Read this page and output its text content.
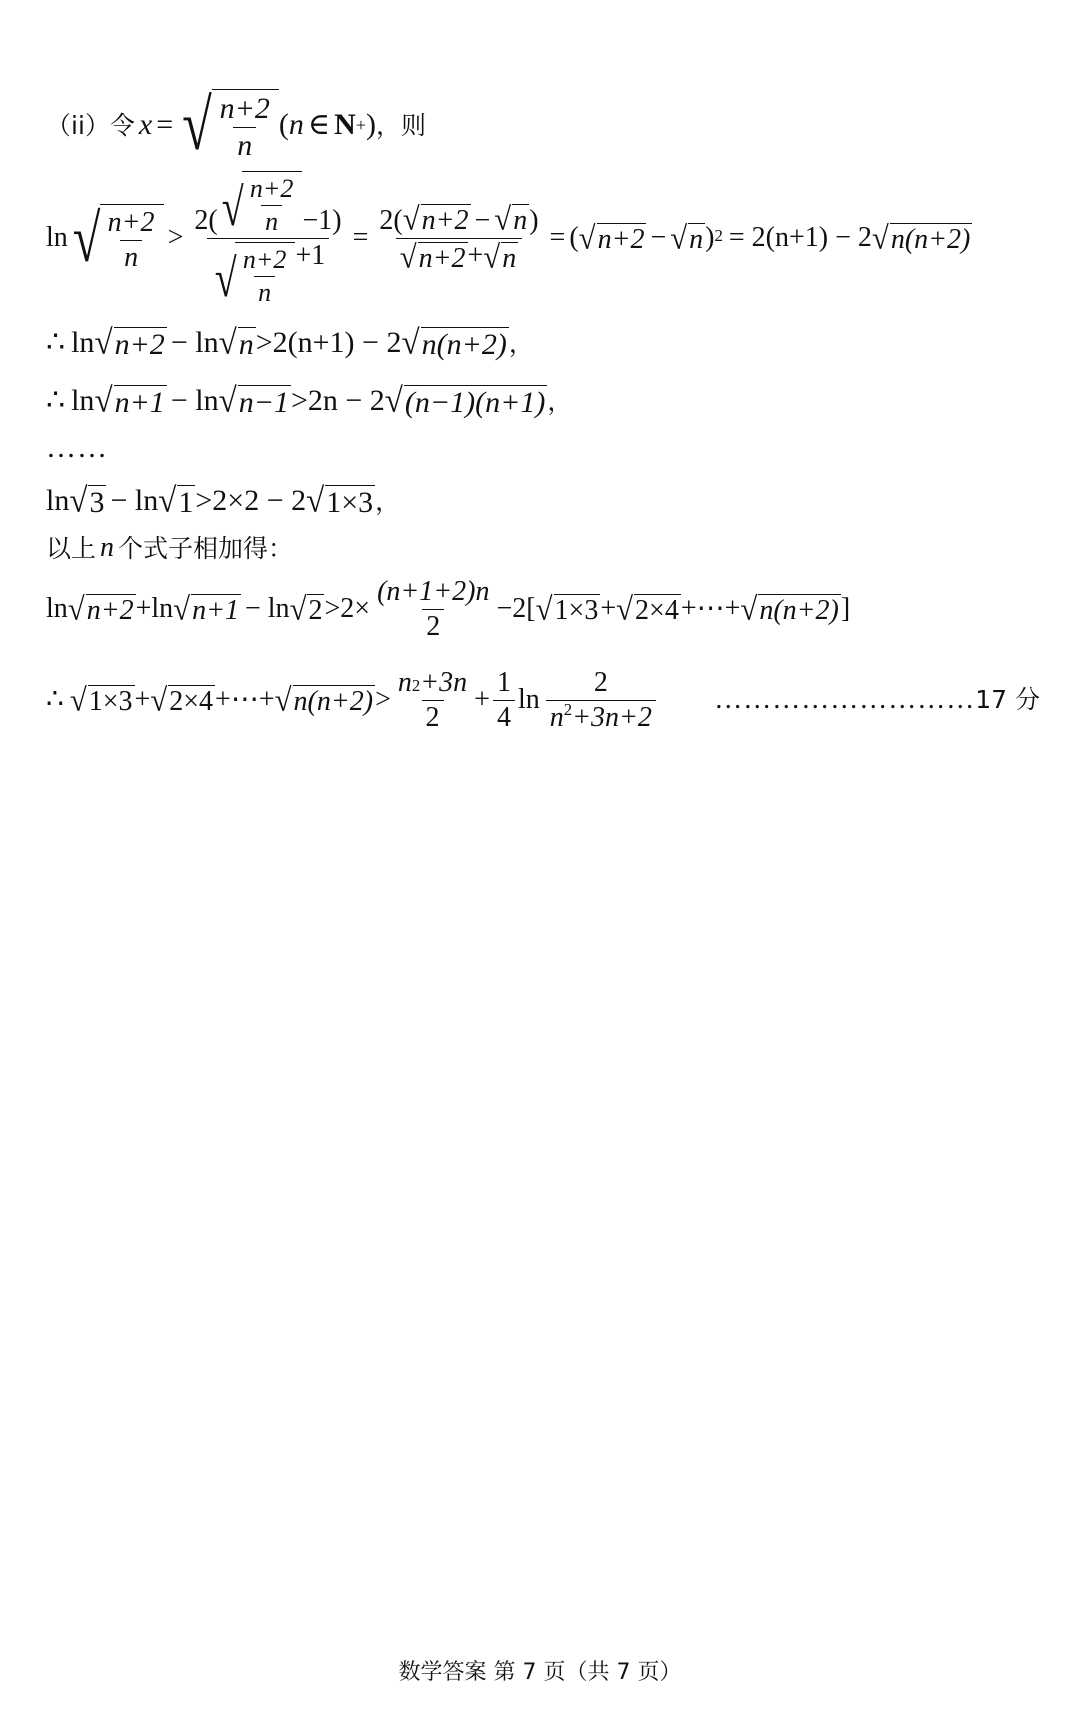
（ii）令 x = √ $\frac{n+2}{n}$ ( n ∈ N + ) ，则
ln √ $\frac{n+2}{n}$ >
2( √ $\frac{n+2}{n} -1$)
√ $\frac{n+2}{n} +1$
= $\frac{2( √ n+2 - √ n )}{√ n+2 + √ n}$ = ( √ n+2 − √ n ) 2 = 2(n+1) − 2 √ n(n+2)
∴ ln √ n+2 − ln √ n >2(n+1) − 2 √ n(n+2) ，
∴ ln √ n+1 − ln √ n−1 >2n − 2 √ (n−1)(n+1) ，
……
ln √ 3 − ln √ 1 >2×2 − 2 √ 1×3 ，
以上 n 个式子相加得：
ln √ n+2 +ln √ n+1 − ln √ $2 >2\times \frac{(n+1+2)n}{2} -2$[ √ 1×3 + √ 2×4 +⋯+ √ n(n+2) ]
∴ √ 1×3 + √ 2×4 +⋯+ √ $n(n+2) > \frac{n 2 +3n}{2} + \frac{1}{4}$ $\ln \frac{2}{n 2 +3n+2}$ ………………………17 分
数学答案 第 7 页（共 7 页）
